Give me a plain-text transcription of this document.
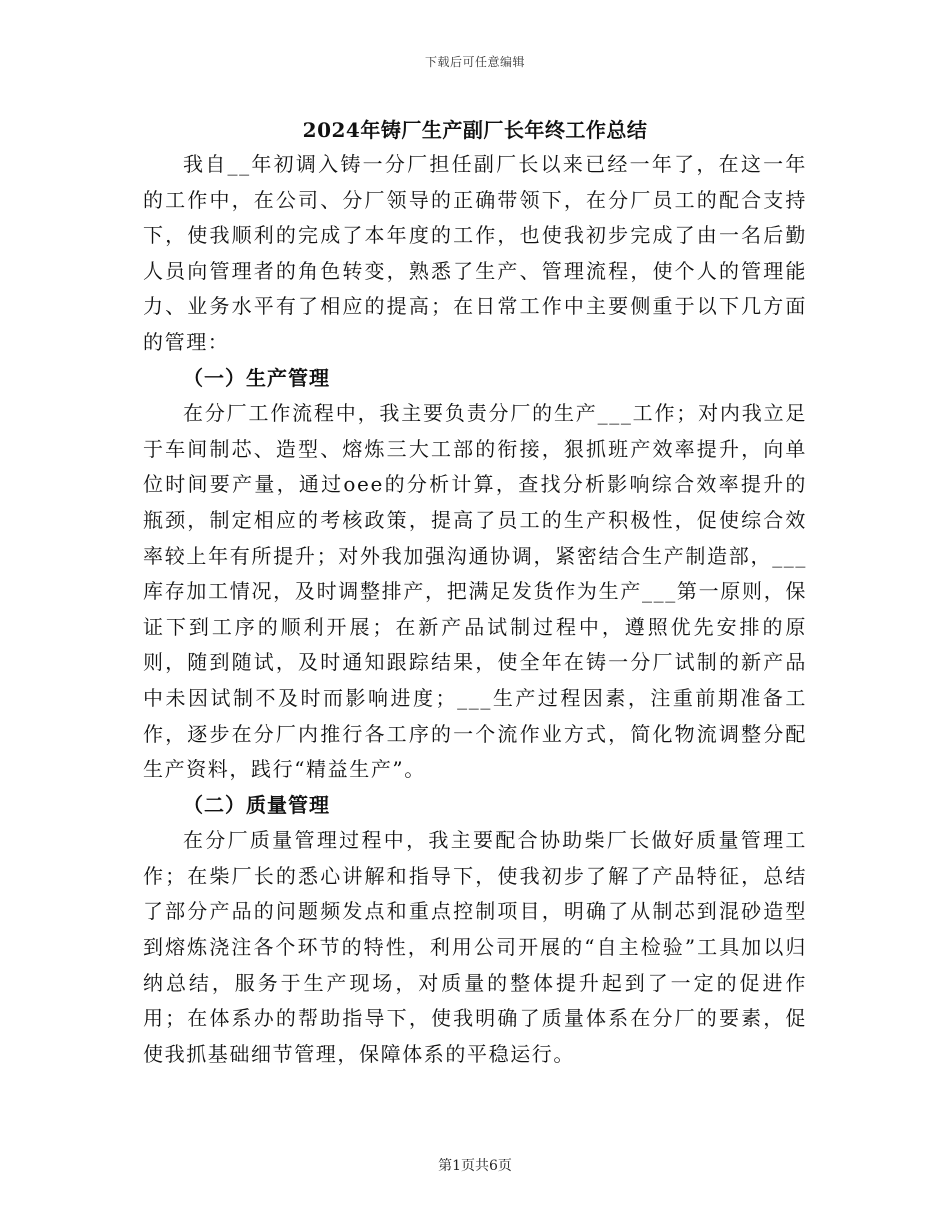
下载后可任意编辑
2024年铸厂生产副厂长年终工作总结

我自__年初调入铸一分厂担任副厂长以来已经一年了，在这一年的工作中，在公司、分厂领导的正确带领下，在分厂员工的配合支持下，使我顺利的完成了本年度的工作，也使我初步完成了由一名后勤人员向管理者的角色转变，熟悉了生产、管理流程，使个人的管理能力、业务水平有了相应的提高；在日常工作中主要侧重于以下几方面的管理：

（一）生产管理

在分厂工作流程中，我主要负责分厂的生产___工作；对内我立足于车间制芯、造型、熔炼三大工部的衔接，狠抓班产效率提升，向单位时间要产量，通过oee的分析计算，查找分析影响综合效率提升的瓶颈，制定相应的考核政策，提高了员工的生产积极性，促使综合效率较上年有所提升；对外我加强沟通协调，紧密结合生产制造部，___库存加工情况，及时调整排产，把满足发货作为生产___第一原则，保证下到工序的顺利开展；在新产品试制过程中，遵照优先安排的原则，随到随试，及时通知跟踪结果，使全年在铸一分厂试制的新产品中未因试制不及时而影响进度；___生产过程因素，注重前期准备工作，逐步在分厂内推行各工序的一个流作业方式，简化物流调整分配生产资料，践行“精益生产”。

（二）质量管理

在分厂质量管理过程中，我主要配合协助柴厂长做好质量管理工作；在柴厂长的悉心讲解和指导下，使我初步了解了产品特征，总结了部分产品的问题频发点和重点控制项目，明确了从制芯到混砂造型到熔炼浇注各个环节的特性，利用公司开展的“自主检验”工具加以归纳总结，服务于生产现场，对质量的整体提升起到了一定的促进作用；在体系办的帮助指导下，使我明确了质量体系在分厂的要素，促使我抓基础细节管理，保障体系的平稳运行。

第1页共6页
